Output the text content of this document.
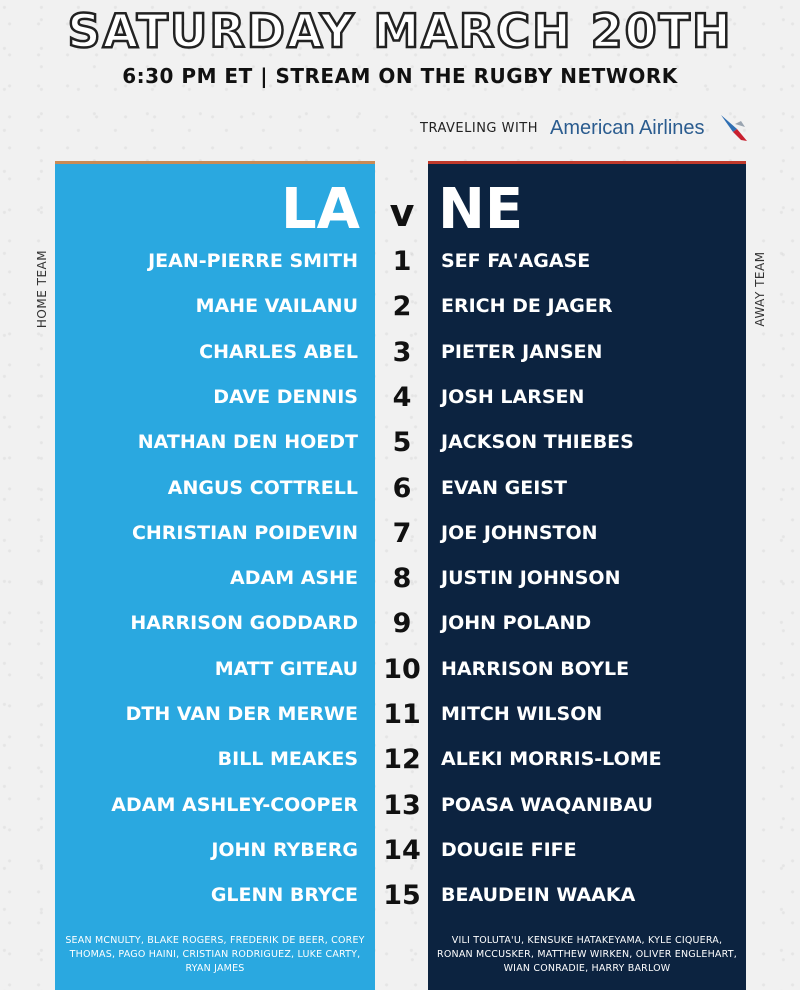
SATURDAY MARCH 20TH
6:30 PM ET | STREAM ON THE RUGBY NETWORK
TRAVELING WITH American Airlines
HOME TEAM	AWAY TEAM
LA v NE
JEAN-PIERRE SMITH	1	SEF FA'AGASE
MAHE VAILANU	2	ERICH DE JAGER
CHARLES ABEL	3	PIETER JANSEN
DAVE DENNIS	4	JOSH LARSEN
NATHAN DEN HOEDT	5	JACKSON THIEBES
ANGUS COTTRELL	6	EVAN GEIST
CHRISTIAN POIDEVIN	7	JOE JOHNSTON
ADAM ASHE	8	JUSTIN JOHNSON
HARRISON GODDARD	9	JOHN POLAND
MATT GITEAU 10	HARRISON BOYLE
DTH VAN DER MERWE 11	MITCH WILSON
BILL MEAKES 12	ALEKI MORRIS-LOME
ADAM ASHLEY-COOPER 13	POASA WAQANIBAU
JOHN RYBERG 14	DOUGIE FIFE
GLENN BRYCE 15	BEAUDEIN WAAKA
SEAN MCNULTY, BLAKE ROGERS, FREDERIK DE BEER, COREY THOMAS, PAGO HAINI, CRISTIAN RODRIGUEZ, LUKE CARTY, RYAN JAMES
VILI TOLUTA'U, KENSUKE HATAKEYAMA, KYLE CIQUERA, RONAN MCCUSKER, MATTHEW WIRKEN, OLIVER ENGLEHART, WIAN CONRADIE, HARRY BARLOW
